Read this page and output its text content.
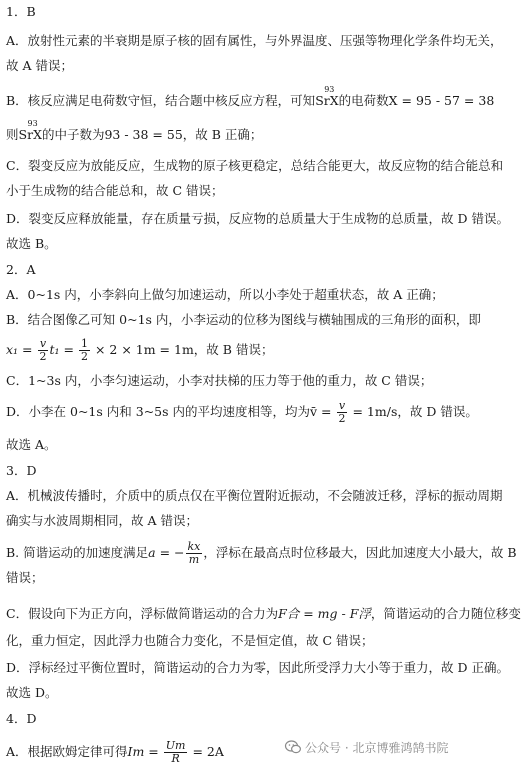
1．B
A．放射性元素的半衰期是原子核的固有属性，与外界温度、压强等物理化学条件均无关，
故 A 错误；
B．核反应满足电荷数守恒，结合题中核反应方程，可知Sr
93
X的电荷数X = 95 - 57 = 38
则Sr
93
X的中子数为93 - 38 = 55，故 B 正确；
C．裂变反应为放能反应，生成物的原子核更稳定，总结合能更大，故反应物的结合能总和
小于生成物的结合能总和，故 C 错误；
D．裂变反应释放能量，存在质量亏损，反应物的总质量大于生成物的总质量，故 D 错误。
故选 B。
2．A
A．0~1s 内，小李斜向上做匀加速运动，所以小李处于超重状态，故 A 正确；
B．结合图像乙可知 0~1s 内，小李运动的位移为图线与横轴围成的三角形的面积，即
$x_1 = \frac{v}{2} t_1 = \frac{1}{2} \times 2 \times 1m = 1m$，故 B 错误；
C．1~3s 内，小李匀速运动，小李对扶梯的压力等于他的重力，故 C 错误；
D．小李在 0~1s 内和 3~5s 内的平均速度相等，均为v̄ = $\frac{v}{2} = 1m/s$，故 D 错误。
故选 A。
3．D
A．机械波传播时，介质中的质点仅在平衡位置附近振动，不会随波迁移，浮标的振动周期
确实与水波周期相同，故 A 错误；
B. 简谐运动的加速度满足a = − $\frac{kx}{m}$ ，浮标在最高点时位移最大，因此加速度大小最大，故 B
错误；
C．假设向下为正方向，浮标做简谐运动的合力为F合 = mg - F浮，简谐运动的合力随位移变
化，重力恒定，因此浮力也随合力变化，不是恒定值，故 C 错误；
D．浮标经过平衡位置时，简谐运动的合力为零，因此所受浮力大小等于重力，故 D 正确。
故选 D。
4．D
A．根据欧姆定律可得$Im = \frac{Um}{R} = 2A$	公众号 · 北京博雅鸿鹄书院
